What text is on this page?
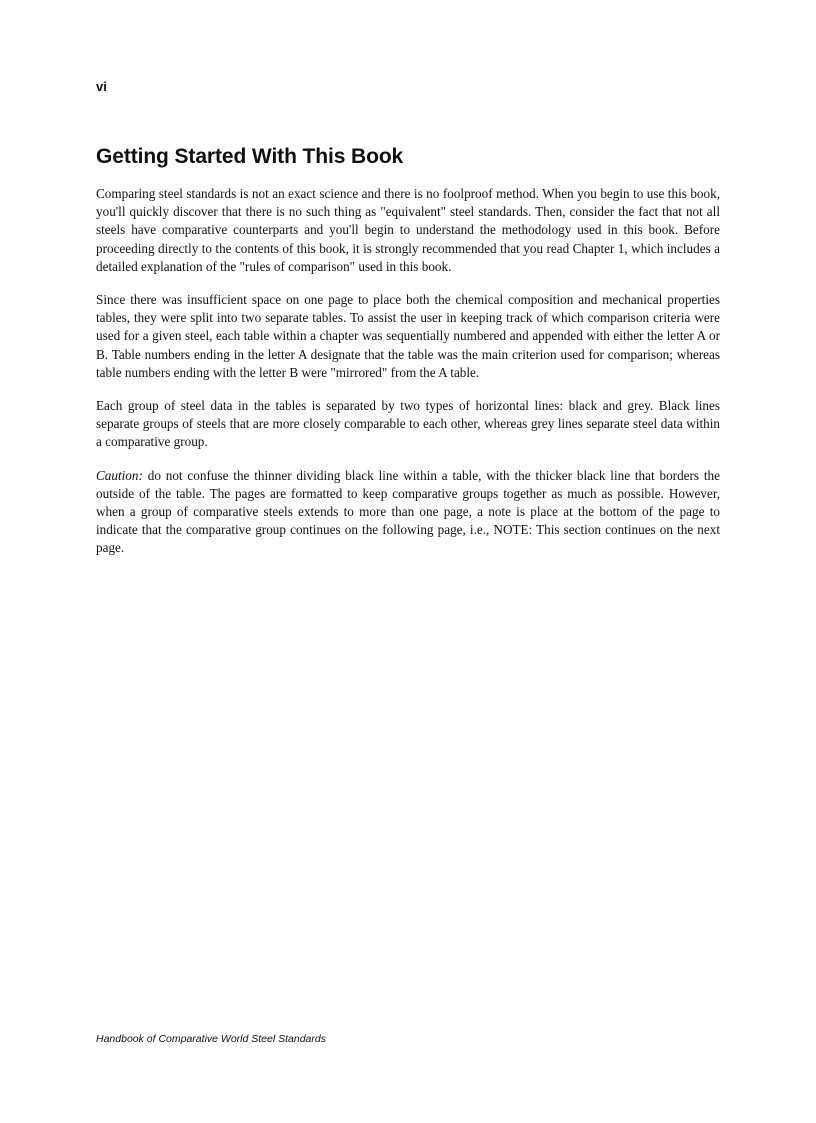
vi
Getting Started With This Book

Comparing steel standards is not an exact science and there is no foolproof method. When you begin to use this book, you'll quickly discover that there is no such thing as "equivalent" steel standards. Then, consider the fact that not all steels have comparative counterparts and you'll begin to understand the methodology used in this book. Before proceeding directly to the contents of this book, it is strongly recommended that you read Chapter 1, which includes a detailed explanation of the "rules of comparison" used in this book.

Since there was insufficient space on one page to place both the chemical composition and mechanical properties tables, they were split into two separate tables. To assist the user in keeping track of which comparison criteria were used for a given steel, each table within a chapter was sequentially numbered and appended with either the letter A or B. Table numbers ending in the letter A designate that the table was the main criterion used for comparison; whereas table numbers ending with the letter B were "mirrored" from the A table.

Each group of steel data in the tables is separated by two types of horizontal lines: black and grey. Black lines separate groups of steels that are more closely comparable to each other, whereas grey lines separate steel data within a comparative group.

Caution: do not confuse the thinner dividing black line within a table, with the thicker black line that borders the outside of the table. The pages are formatted to keep comparative groups together as much as possible. However, when a group of comparative steels extends to more than one page, a note is place at the bottom of the page to indicate that the comparative group continues on the following page, i.e., NOTE: This section continues on the next page.

Handbook of Comparative World Steel Standards
